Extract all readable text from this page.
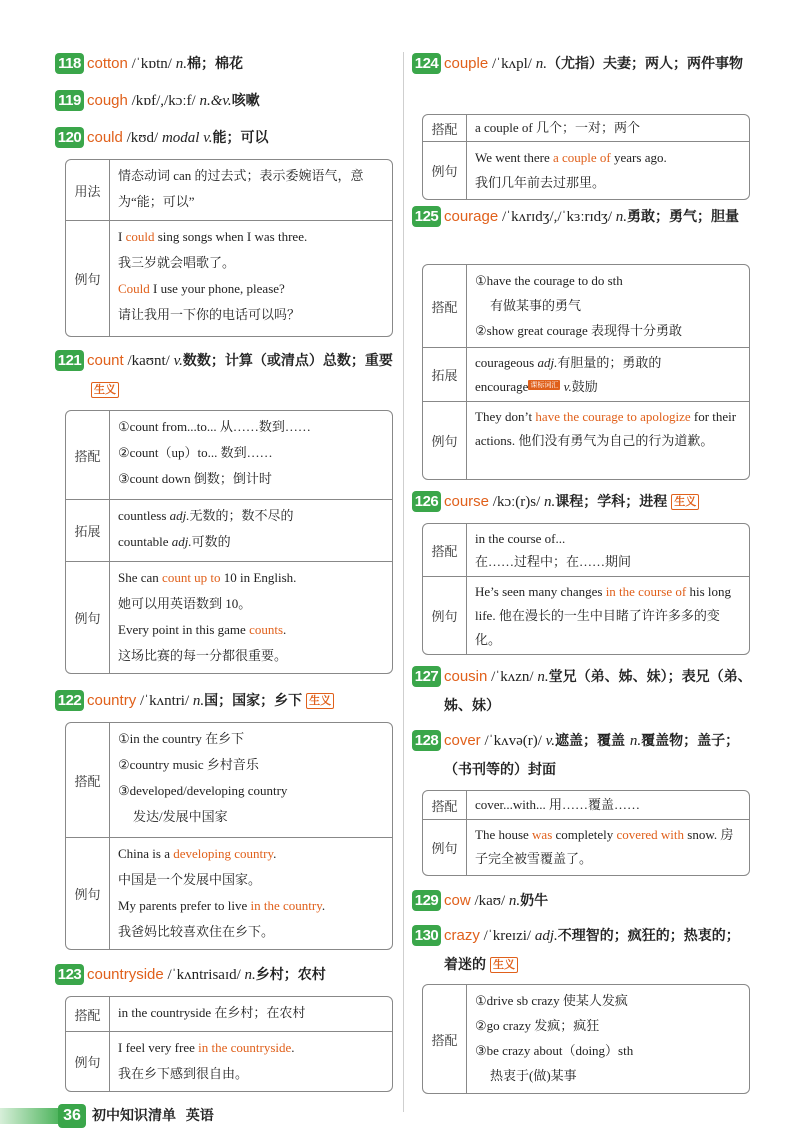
118 cotton /ˈkɒtn/ n.棉；棉花
119 cough /kɒf/,/kɔːf/ n.&v.咳嗽
120 could /kʊd/ modal v.能；可以
用法
情态动词 can 的过去式；表示委婉语气，意为“能；可以”
例句
I could sing songs when I was three.
我三岁就会唱歌了。
Could I use your phone, please?
请让我用一下你的电话可以吗？
121 count /kaʊnt/ v.数数；计算（或清点）总数；重要生义
搭配
①count from...to... 从……数到……
②count（up）to... 数到……
③count down 倒数；倒计时
拓展
countless adj.无数的；数不尽的
countable adj.可数的
例句
She can count up to 10 in English.
她可以用英语数到 10。
Every point in this game counts.
这场比赛的每一分都很重要。
122 country /ˈkʌntri/ n.国；国家；乡下 生义
搭配
①in the country 在乡下
②country music 乡村音乐
③developed/developing country
发达/发展中国家
例句
China is a developing country.
中国是一个发展中国家。
My parents prefer to live in the country.
我爸妈比较喜欢住在乡下。
123 countryside /ˈkʌntrisaɪd/ n.乡村；农村
搭配	in the countryside 在乡村；在农村
例句
I feel very free in the countryside.
我在乡下感到很自由。
124 couple /ˈkʌpl/ n.（尤指）夫妻；两人；两件事物
搭配	a couple of 几个；一对；两个
例句
We went there a couple of years ago.
我们几年前去过那里。
125 courage /ˈkʌrɪdʒ/,/ˈkɜːrɪdʒ/ n.勇敢；勇气；胆量
搭配
①have the courage to do sth
有做某事的勇气
②show great courage 表现得十分勇敢
拓展
courageous adj.有胆量的；勇敢的
encourage 课标词汇 v.鼓励
例句
They don’t have the courage to apologize for their actions. 他们没有勇气为自己的行为道歉。
126 course /kɔː(r)s/ n.课程；学科；进程 生义
搭配
in the course of...
在……过程中；在……期间
例句
He’s seen many changes in the course of his long life. 他在漫长的一生中目睹了许许多多的变化。
127 cousin /ˈkʌzn/ n.堂兄（弟、姊、妹）；表兄（弟、姊、妹）
128 cover /ˈkʌvə(r)/ v.遮盖；覆盖 n.覆盖物；盖子；（书刊等的）封面
搭配	cover...with... 用……覆盖……
例句
The house was completely covered with snow. 房子完全被雪覆盖了。
129 cow /kaʊ/ n.奶牛
130 crazy /ˈkreɪzi/ adj.不理智的；疯狂的；热衷的；着迷的 生义
搭配
①drive sb crazy 使某人发疯
②go crazy 发疯；疯狂
③be crazy about（doing）sth
热衷于(做)某事
36 初中知识清单 英语
